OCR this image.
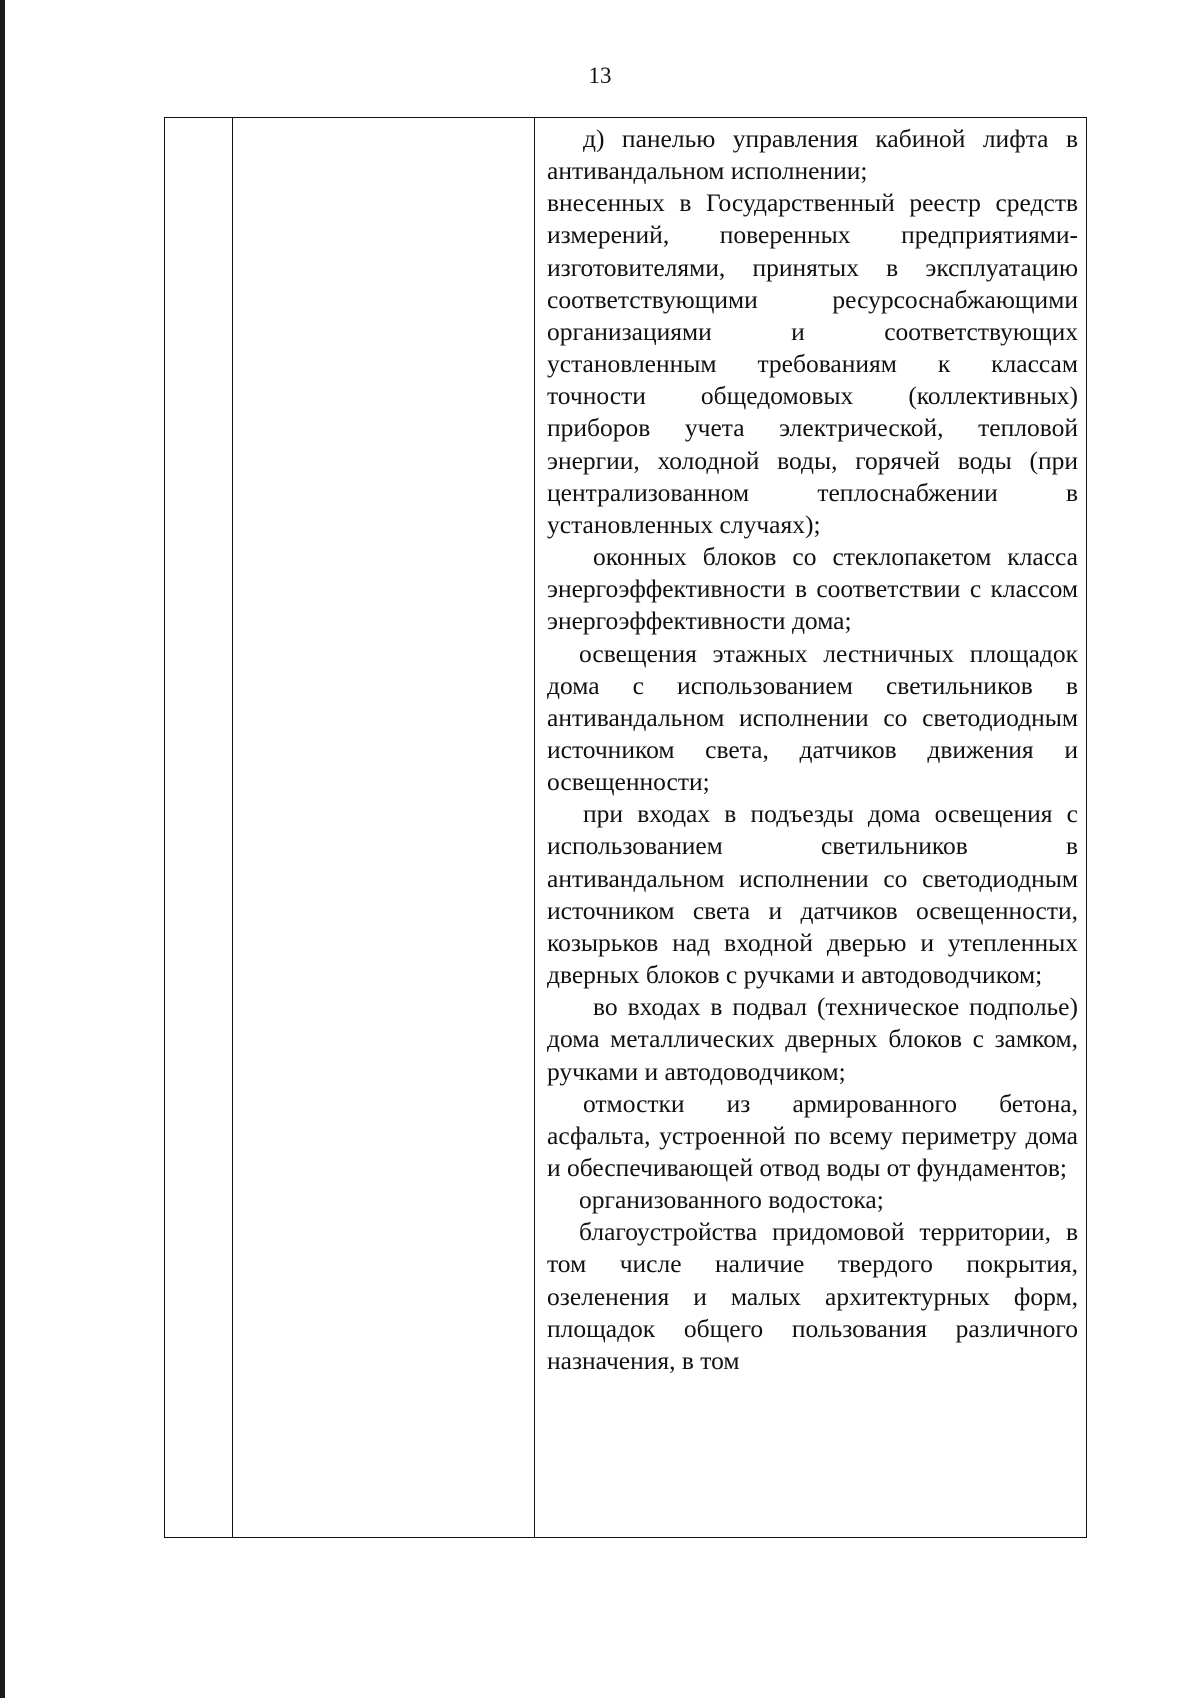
13

д) панелью управления кабиной лифта в антивандальном исполнении;

внесенных в Государственный реестр средств измерений, поверенных предприятиями-изготовителями, принятых в эксплуатацию соответствующими ресурсоснабжающими организациями и соответствующих установленным требованиям к классам точности общедомовых (коллективных) приборов учета электрической, тепловой энергии, холодной воды, горячей воды (при централизованном теплоснабжении в установленных случаях);

оконных блоков со стеклопакетом класса энергоэффективности в соответствии с классом энергоэффективности дома;

освещения этажных лестничных площадок дома с использованием светильников в антивандальном исполнении со светодиодным источником света, датчиков движения и освещенности;

при входах в подъезды дома освещения с использованием светильников в антивандальном исполнении со светодиодным источником света и датчиков освещенности, козырьков над входной дверью и утепленных дверных блоков с ручками и автодоводчиком;

во входах в подвал (техническое подполье) дома металлических дверных блоков с замком, ручками и автодоводчиком;

отмостки из армированного бетона, асфальта, устроенной по всему периметру дома и обеспечивающей отвод воды от фундаментов;

организованного водостока;

благоустройства придомовой территории, в том числе наличие твердого покрытия, озеленения и малых архитектурных форм, площадок общего пользования различного назначения, в том
